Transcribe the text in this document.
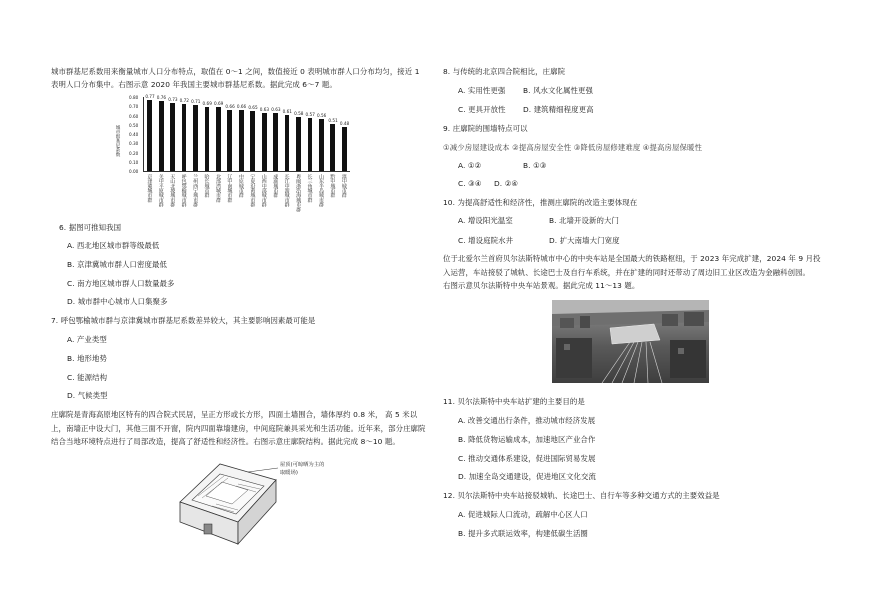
城市群基尼系数用来衡量城市人口分布特点，取值在 0～1 之间，数值接近 0 表明城市群人口分布均匀，接近 1
表明人口分布集中。右图示意 2020 年我国主要城市群基尼系数。据此完成 6～7 题。
城市群基尼系数
0.80
0.70
0.60
0.50
0.40
0.30
0.20
0.10
0.00
0.77
京津冀城市群
0.76
关中平原城市群
0.73
天山北坡城市群
0.72
呼包鄂榆城市群
0.71
兰州西宁城市群
0.69
哈长城市群
0.69
北部湾城市群
0.66
辽中南城市群
0.66
中原城市群
0.65
宁夏沿黄城市群
0.63
山西中部城市群
0.63
成渝城市群
0.61
长江中游城市群
0.58
粤闽浙沿海城市群
0.57
长三角城市群
0.56
山东半岛城市群
0.51
黔中城市群
0.48
滇中城市群
6. 据图可推知我国
A. 西北地区城市群等级最低
B. 京津冀城市群人口密度最低
C. 南方地区城市群人口数量最多
D. 城市群中心城市人口集聚多
7. 呼包鄂榆城市群与京津冀城市群基尼系数差异较大，其主要影响因素最可能是
A. 产业类型
B. 地形地势
C. 能源结构
D. 气候类型
庄廓院是青海高原地区特有的四合院式民居，呈正方形或长方形，四面土墙围合，墙体厚约 0.8 米， 高 5 米以
上，南墙正中设大门，其他三面不开窗，院内四面靠墙建房，中间庭院兼具采光和生活功能。近年来，部分庄廓院
结合当地环境特点进行了局部改造，提高了舒适性和经济性。右图示意庄廓院结构。据此完成 8～10 题。
屋顶(可晾晒为主的
取暖场)
8. 与传统的北京四合院相比，庄廓院
A. 实用性更强 B. 风水文化属性更强
C. 更具开放性 D. 建筑精细程度更高
9. 庄廓院的围墙特点可以
①减少房屋建设成本 ②提高房屋安全性 ③降低房屋修建难度 ④提高房屋保暖性
A. ①②	B. ①③
C. ③④ D. ②④
10. 为提高舒适性和经济性，推测庄廓院的改造主要体现在
A. 增设阳光温室	B. 北墙开设新的大门
C. 增设庭院水井	D. 扩大南墙大门宽度
位于北爱尔兰首府贝尔法斯特城市中心的中央车站是全国最大的铁路枢纽，于 2023 年完成扩建，2024 年 9 月投
入运营，车站接驳了城轨、长途巴士及自行车系统，并在扩建的同时还带动了周边旧工业区改造为金融科创园。
右图示意贝尔法斯特中央车站景观。据此完成 11～13 题。
11. 贝尔法斯特中央车站扩建的主要目的是
A. 改善交通出行条件，推动城市经济发展
B. 降低货物运输成本，加速地区产业合作
C. 推动交通体系建设，促进国际贸易发展
D. 加速全岛交通建设，促进地区文化交流
12. 贝尔法斯特中央车站接驳城轨、长途巴士、自行车等多种交通方式的主要效益是
A. 促进城际人口流动，疏解中心区人口
B. 提升多式联运效率，构建低碳生活圈
